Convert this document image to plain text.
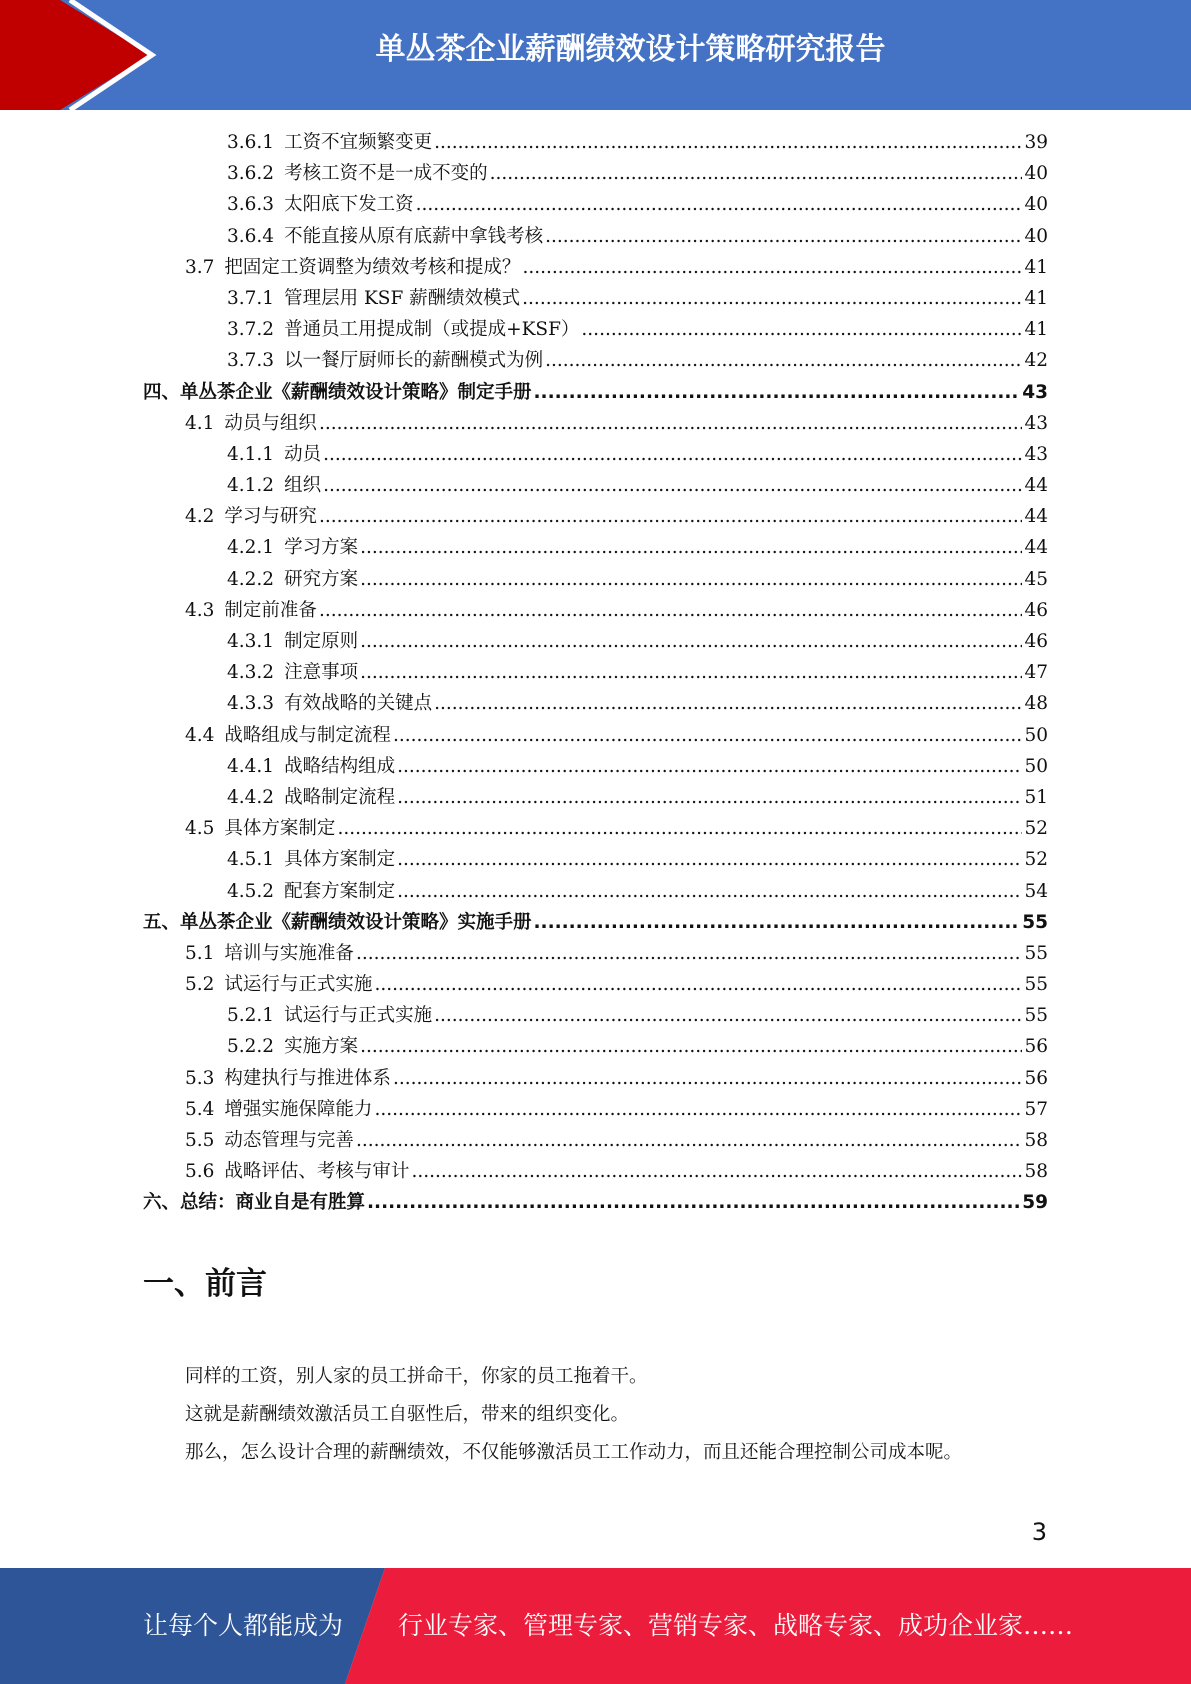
单丛茶企业薪酬绩效设计策略研究报告
3.6.1 工资不宜频繁变更 .....	39
3.6.2 考核工资不是一成不变的 .....	40
3.6.3 太阳底下发工资 .....	40
3.6.4 不能直接从原有底薪中拿钱考核 .....	40
3.7 把固定工资调整为绩效考核和提成？ .....	41
3.7.1 管理层用 KSF 薪酬绩效模式 .....	41
3.7.2 普通员工用提成制（或提成+KSF） .....	41
3.7.3 以一餐厅厨师长的薪酬模式为例 .....	42
四、单丛茶企业《薪酬绩效设计策略》制定手册 .....	43
4.1 动员与组织 .....	43
4.1.1 动员 .....	43
4.1.2 组织 .....	44
4.2 学习与研究 .....	44
4.2.1 学习方案 .....	44
4.2.2 研究方案 .....	45
4.3 制定前准备 .....	46
4.3.1 制定原则 .....	46
4.3.2 注意事项 .....	47
4.3.3 有效战略的关键点 .....	48
4.4 战略组成与制定流程 .....	50
4.4.1 战略结构组成 .....	50
4.4.2 战略制定流程 .....	51
4.5 具体方案制定 .....	52
4.5.1 具体方案制定 .....	52
4.5.2 配套方案制定 .....	54
五、单丛茶企业《薪酬绩效设计策略》实施手册 .....	55
5.1 培训与实施准备 .....	55
5.2 试运行与正式实施 .....	55
5.2.1 试运行与正式实施 .....	55
5.2.2 实施方案 .....	56
5.3 构建执行与推进体系 .....	56
5.4 增强实施保障能力 .....	57
5.5 动态管理与完善 .....	58
5.6 战略评估、考核与审计 .....	58
六、总结：商业自是有胜算 .....	59
一、前言

同样的工资，别人家的员工拼命干，你家的员工拖着干。

这就是薪酬绩效激活员工自驱性后，带来的组织变化。

那么，怎么设计合理的薪酬绩效，不仅能够激活员工工作动力，而且还能合理控制公司成本呢。

3
让每个人都能成为 行业专家、管理专家、营销专家、战略专家、成功企业家……
